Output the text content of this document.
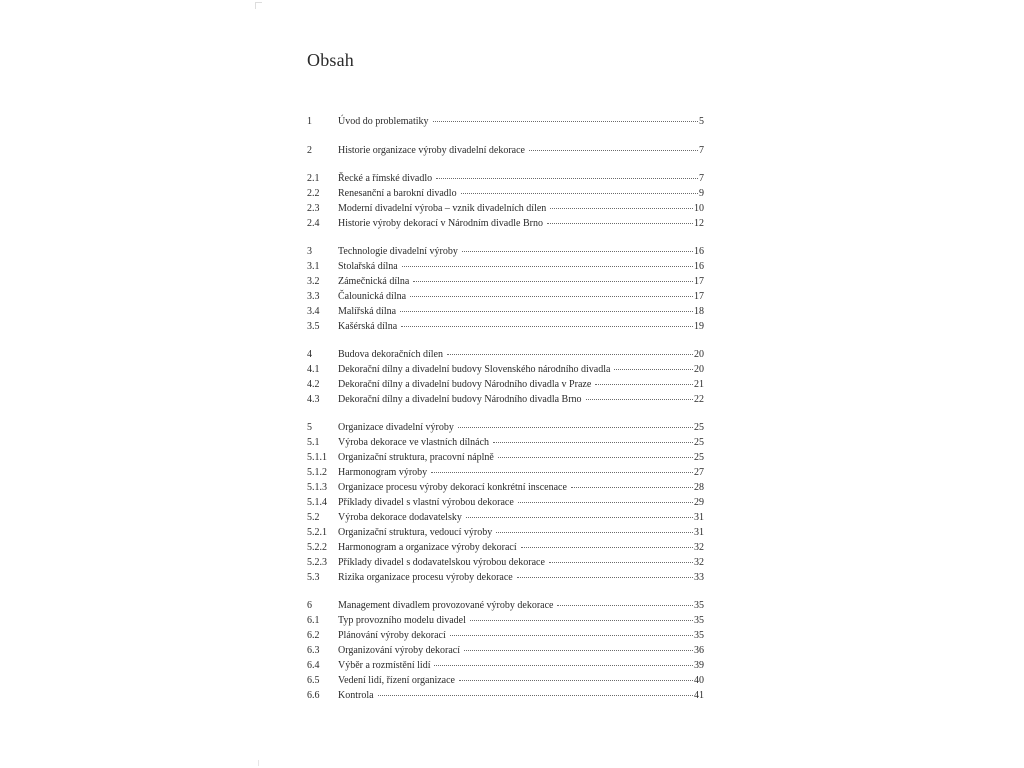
Obsah
1	Úvod do problematiky	5
2	Historie organizace výroby divadelní dekorace	7
2.1	Řecké a římské divadlo	7
2.2	Renesanční a barokní divadlo	9
2.3	Moderní divadelní výroba – vznik divadelních dílen	10
2.4	Historie výroby dekorací v Národním divadle Brno	12
3	Technologie divadelní výroby	16
3.1	Stolařská dílna	16
3.2	Zámečnická dílna	17
3.3	Čalounická dílna	17
3.4	Malířská dílna	18
3.5	Kašérská dílna	19
4	Budova dekoračních dílen	20
4.1	Dekorační dílny a divadelní budovy Slovenského národního divadla	20
4.2	Dekorační dílny a divadelní budovy Národního divadla v Praze	21
4.3	Dekorační dílny a divadelní budovy Národního divadla Brno	22
5	Organizace divadelní výroby	25
5.1	Výroba dekorace ve vlastních dílnách	25
5.1.1	Organizační struktura, pracovní náplně	25
5.1.2	Harmonogram výroby	27
5.1.3	Organizace procesu výroby dekorací konkrétní inscenace	28
5.1.4	Příklady divadel s vlastní výrobou dekorace	29
5.2	Výroba dekorace dodavatelsky	31
5.2.1	Organizační struktura, vedoucí výroby	31
5.2.2	Harmonogram a organizace výroby dekorací	32
5.2.3	Příklady divadel s dodavatelskou výrobou dekorace	32
5.3	Rizika organizace procesu výroby dekorace	33
6	Management divadlem provozované výroby dekorace	35
6.1	Typ provozního modelu divadel	35
6.2	Plánování výroby dekorací	35
6.3	Organizování výroby dekorací	36
6.4	Výběr a rozmístění lidí	39
6.5	Vedení lidí, řízení organizace	40
6.6	Kontrola	41
